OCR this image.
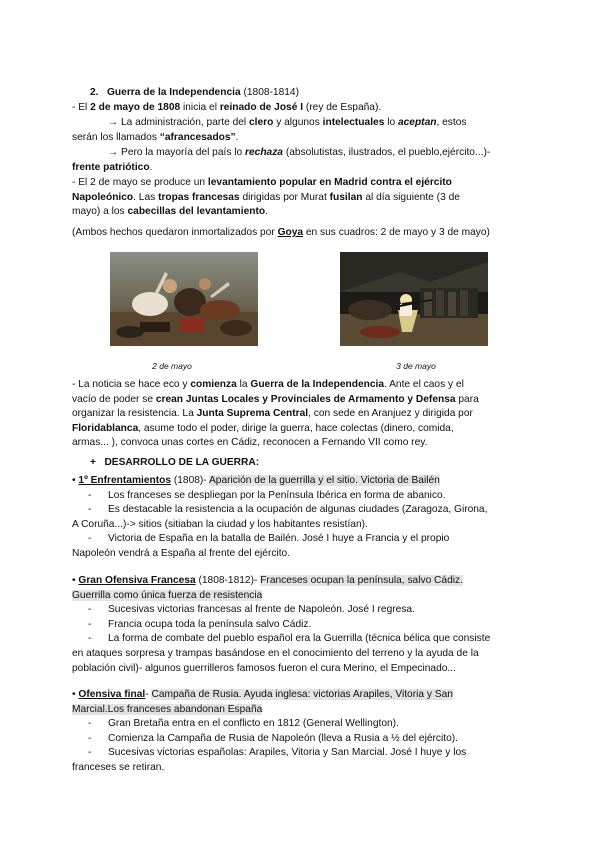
2. Guerra de la Independencia (1808-1814)
- El 2 de mayo de 1808 inicia el reinado de José I (rey de España).
→ La administración, parte del clero y algunos intelectuales lo aceptan, estos
serán los llamados “afrancesados”.
→ Pero la mayoría del país lo rechaza (absolutistas, ilustrados, el pueblo,ejército...)-
frente patriótico.
- El 2 de mayo se produce un levantamiento popular en Madrid contra el ejército
Napoleónico. Las tropas francesas dirigidas por Murat fusilan al día siguiente (3 de
mayo) a los cabecillas del levantamiento.
(Ambos hechos quedaron inmortalizados por Goya en sus cuadros: 2 de mayo y 3 de mayo)
2 de mayo	3 de mayo
- La noticia se hace eco y comienza la Guerra de la Independencia. Ante el caos y el
vacío de poder se crean Juntas Locales y Provinciales de Armamento y Defensa para
organizar la resistencia. La Junta Suprema Central, con sede en Aranjuez y dirigida por
Floridablanca, asume todo el poder, dirige la guerra, hace colectas (dinero, comida,
armas... ), convoca unas cortes en Cádiz, reconocen a Fernando VII como rey.
+ DESARROLLO DE LA GUERRA:
• 1º Enfrentamientos (1808)- Aparición de la guerrilla y el sitio. Victoria de Bailén
- Los franceses se despliegan por la Península Ibérica en forma de abanico.
- Es destacable la resistencia a la ocupación de algunas ciudades (Zaragoza, Girona,
A Coruña...)-> sitios (sitiaban la ciudad y los habitantes resistían).
- Victoria de España en la batalla de Bailén. José I huye a Francia y el propio
Napoleón vendrá a España al frente del ejército.
• Gran Ofensiva Francesa (1808-1812)- Franceses ocupan la península, salvo Cádiz.
Guerrilla como única fuerza de resistencia
- Sucesivas victorias francesas al frente de Napoleón. José I regresa.
- Francia ocupa toda la península salvo Cádiz.
- La forma de combate del pueblo español era la Guerrilla (técnica bélica que consiste
en ataques sorpresa y trampas basándose en el conocimiento del terreno y la ayuda de la
población civil)- algunos guerrilleros famosos fueron el cura Merino, el Empecinado...
• Ofensiva final- Campaña de Rusia. Ayuda inglesa: victorias Arapiles, Vitoria y San
Marcial.Los franceses abandonan España
- Gran Bretaña entra en el conflicto en 1812 (General Wellington).
- Comienza la Campaña de Rusia de Napoleón (lleva a Rusia a ½ del ejército).
- Sucesivas victorias españolas: Arapiles, Vitoria y San Marcial. José I huye y los
franceses se retiran.
